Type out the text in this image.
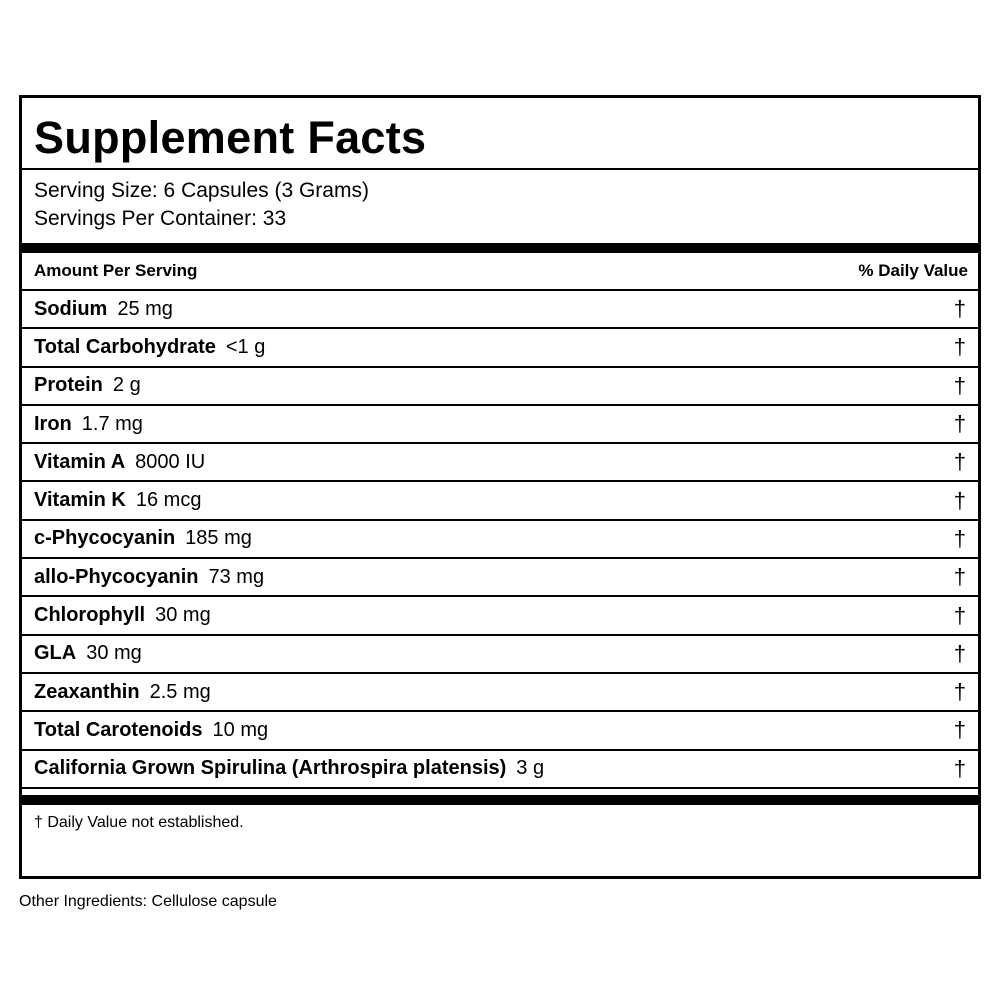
Supplement Facts
Serving Size: 6 Capsules (3 Grams)
Servings Per Container: 33
Amount Per Serving	% Daily Value
Sodium 25 mg	†
Total Carbohydrate <1 g	†
Protein 2 g	†
Iron 1.7 mg	†
Vitamin A 8000 IU	†
Vitamin K 16 mcg	†
c-Phycocyanin 185 mg	†
allo-Phycocyanin 73 mg	†
Chlorophyll 30 mg	†
GLA 30 mg	†
Zeaxanthin 2.5 mg	†
Total Carotenoids 10 mg	†
California Grown Spirulina (Arthrospira platensis) 3 g	†
† Daily Value not established.
Other Ingredients: Cellulose capsule
